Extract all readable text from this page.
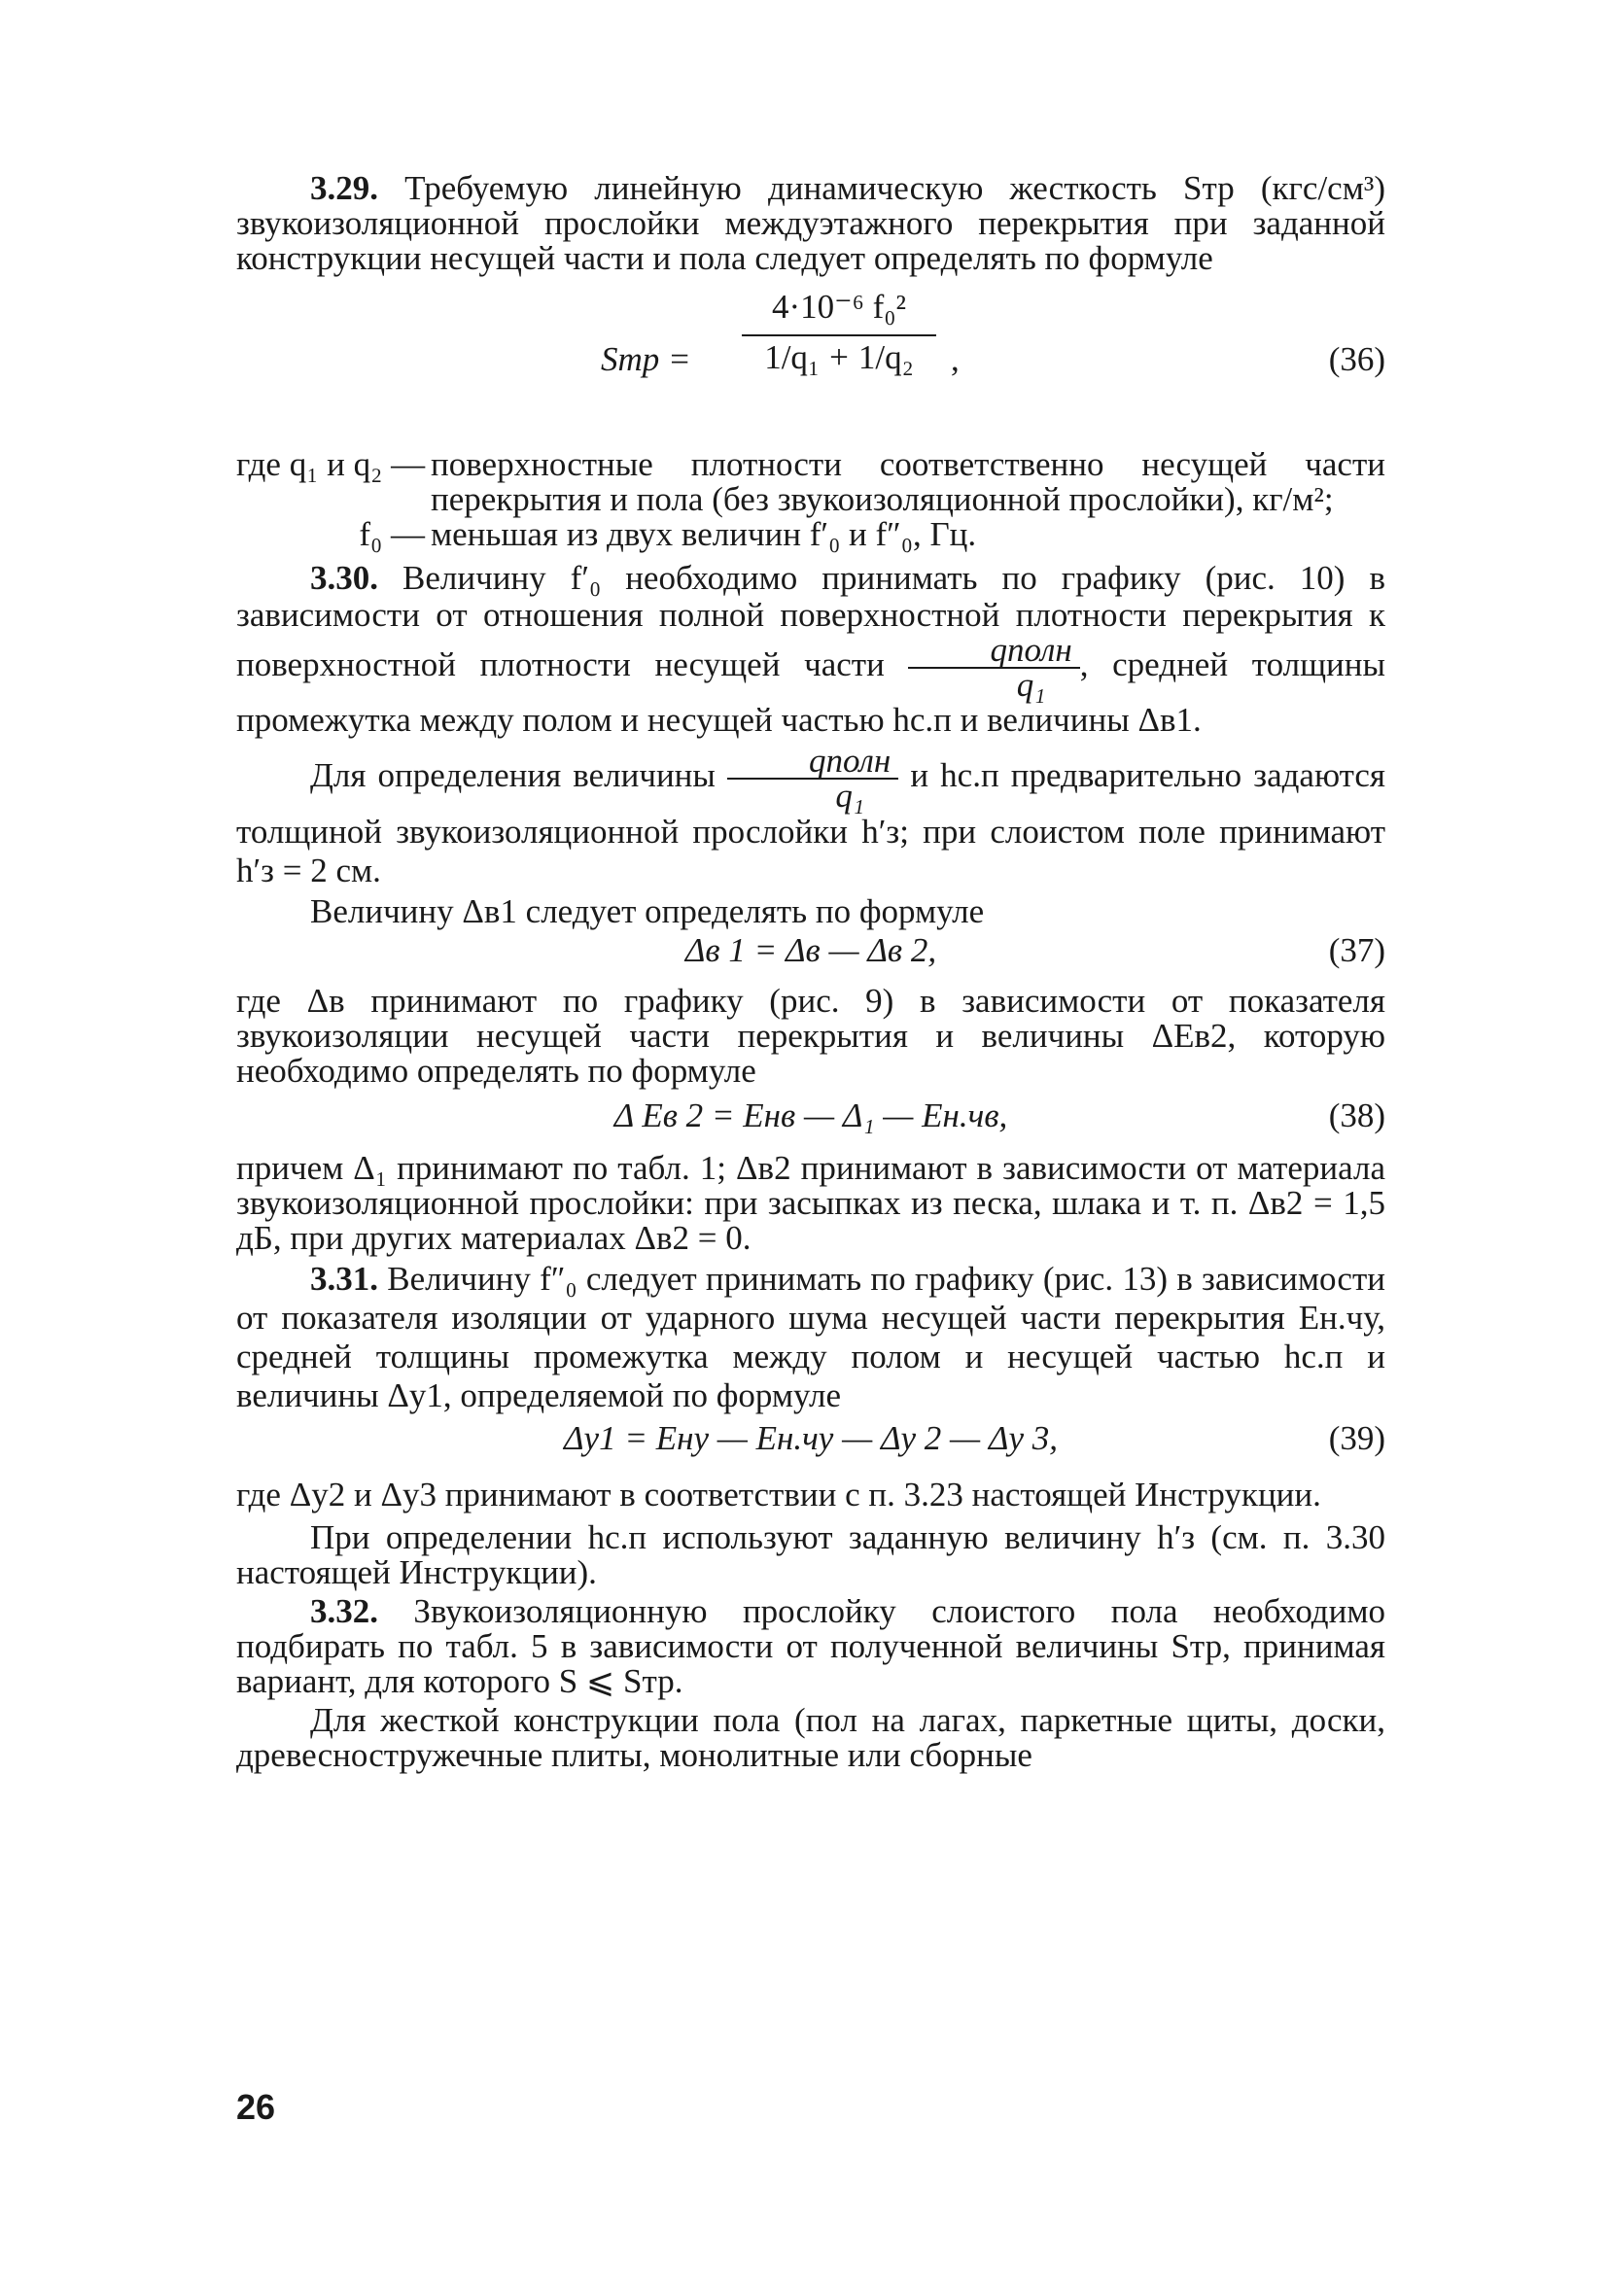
3.29. Требуемую линейную динамическую жесткость Sтр (кгс/см³) звукоизоляционной прослойки междуэтажного перекрытия при заданной конструкции несущей части и пола следует определять по формуле

Sтр =
4·10⁻⁶ f₀²
1/q₁ + 1/q₂ ,	(36)
где q₁ и q₂ — поверхностные плотности соответственно несущей части перекрытия и пола (без звукоизоляционной прослойки), кг/м²;
f₀ — меньшая из двух величин f′₀ и f″₀, Гц.

3.30. Величину f′₀ необходимо принимать по графику (рис. 10) в зависимости от отношения полной поверхностной плотности перекрытия к поверхностной плотности несущей части $\frac{\text{qполн}}{\text{q₁}}$ , средней толщины промежутка между полом и несущей частью hс.п и величины Δв1.

Для определения величины $\frac{\text{qполн}}{\text{q₁}}$ и hс.п предварительно задаются толщиной звукоизоляционной прослойки h′з; при слоистом поле принимают h′з = 2 см.

Величину Δв1 следует определять по формуле

Δв 1 = Δв — Δв 2,	(37)

где Δв принимают по графику (рис. 9) в зависимости от показателя звукоизоляции несущей части перекрытия и величины ΔEв2, которую необходимо определять по формуле

Δ Eв 2 = Eнв — Δ₁ — Eн.чв,	(38)

причем Δ₁ принимают по табл. 1; Δв2 принимают в зависимости от материала звукоизоляционной прослойки: при засыпках из песка, шлака и т. п. Δв2 = 1,5 дБ, при других материалах Δв2 = 0.

3.31. Величину f″₀ следует принимать по графику (рис. 13) в зависимости от показателя изоляции от ударного шума несущей части перекрытия Eн.чу, средней толщины промежутка между полом и несущей частью hс.п и величины Δу1, определяемой по формуле

Δу1 = Eну — Eн.чу — Δу 2 — Δу 3,	(39)

где Δу2 и Δу3 принимают в соответствии с п. 3.23 настоящей Инструкции.

При определении hс.п используют заданную величину h′з (см. п. 3.30 настоящей Инструкции).

3.32. Звукоизоляционную прослойку слоистого пола необходимо подбирать по табл. 5 в зависимости от полученной величины Sтр, принимая вариант, для которого S ⩽ Sтр.

Для жесткой конструкции пола (пол на лагах, паркетные щиты, доски, древесностружечные плиты, монолитные или сборные

26
